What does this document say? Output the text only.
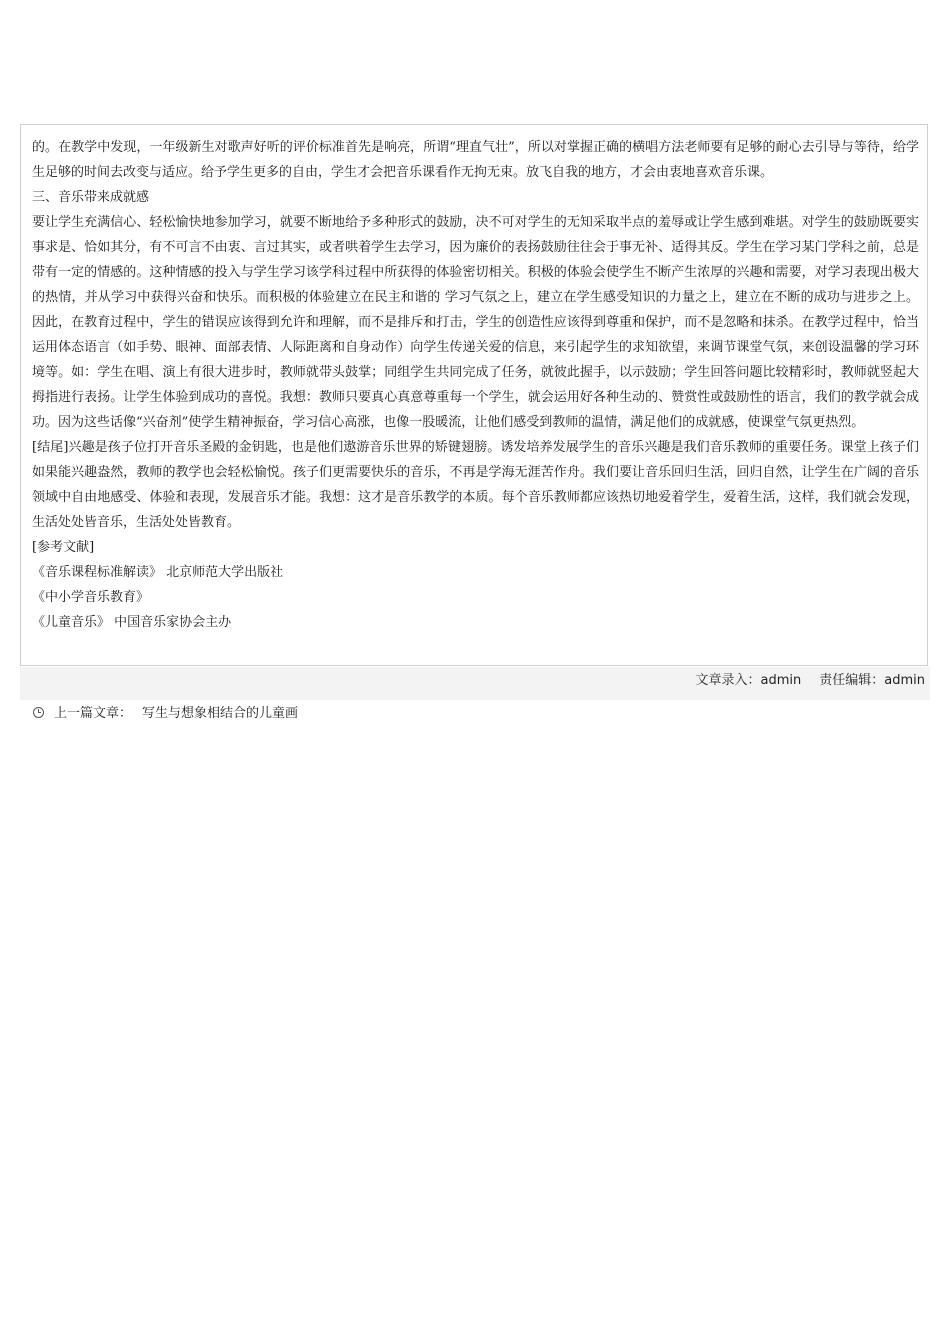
的。在教学中发现，一年级新生对歌声好听的评价标准首先是响亮，所谓“理直气壮”，所以对掌握正确的横唱方法老师要有足够的耐心去引导与等待，给学生足够的时间去改变与适应。给予学生更多的自由，学生才会把音乐课看作无拘无束。放飞自我的地方，才会由衷地喜欢音乐课。

三、音乐带来成就感

要让学生充满信心、轻松愉快地参加学习，就要不断地给予多种形式的鼓励，决不可对学生的无知采取半点的羞辱或让学生感到难堪。对学生的鼓励既要实事求是、恰如其分，有不可言不由衷、言过其实，或者哄着学生去学习，因为廉价的表扬鼓励往往会于事无补、适得其反。学生在学习某门学科之前，总是带有一定的情感的。这种情感的投入与学生学习该学科过程中所获得的体验密切相关。积极的体验会使学生不断产生浓厚的兴趣和需要，对学习表现出极大的热情，并从学习中获得兴奋和快乐。而积极的体验建立在民主和谐的 学习气氛之上，建立在学生感受知识的力量之上，建立在不断的成功与进步之上。因此，在教育过程中，学生的错误应该得到允许和理解，而不是排斥和打击，学生的创造性应该得到尊重和保护，而不是忽略和抹杀。在教学过程中，恰当运用体态语言（如手势、眼神、面部表情、人际距离和自身动作）向学生传递关爱的信息，来引起学生的求知欲望，来调节课堂气氛，来创设温馨的学习环境等。如：学生在唱、演上有很大进步时，教师就带头鼓掌；同组学生共同完成了任务，就彼此握手，以示鼓励；学生回答问题比较精彩时，教师就竖起大拇指进行表扬。让学生体验到成功的喜悦。我想：教师只要真心真意尊重每一个学生，就会运用好各种生动的、赞赏性或鼓励性的语言，我们的教学就会成功。因为这些话像“兴奋剂”使学生精神振奋，学习信心高涨，也像一股暖流，让他们感受到教师的温情，满足他们的成就感，使课堂气氛更热烈。

[结尾]兴趣是孩子位打开音乐圣殿的金钥匙，也是他们遨游音乐世界的矫键翅膀。诱发培养发展学生的音乐兴趣是我们音乐教师的重要任务。课堂上孩子们如果能兴趣盎然，教师的教学也会轻松愉悦。孩子们更需要快乐的音乐，不再是学海无涯苦作舟。我们要让音乐回归生活，回归自然，让学生在广阔的音乐领域中自由地感受、体验和表现，发展音乐才能。我想：这才是音乐教学的本质。每个音乐教师都应该热切地爱着学生，爱着生活，这样，我们就会发现，生活处处皆音乐，生活处处皆教育。

[参考文献]

《音乐课程标准解读》 北京师范大学出版社

《中小学音乐教育》

《儿童音乐》 中国音乐家协会主办

文章录入：admin 责任编辑：admin
上一篇文章： 写生与想象相结合的儿童画
